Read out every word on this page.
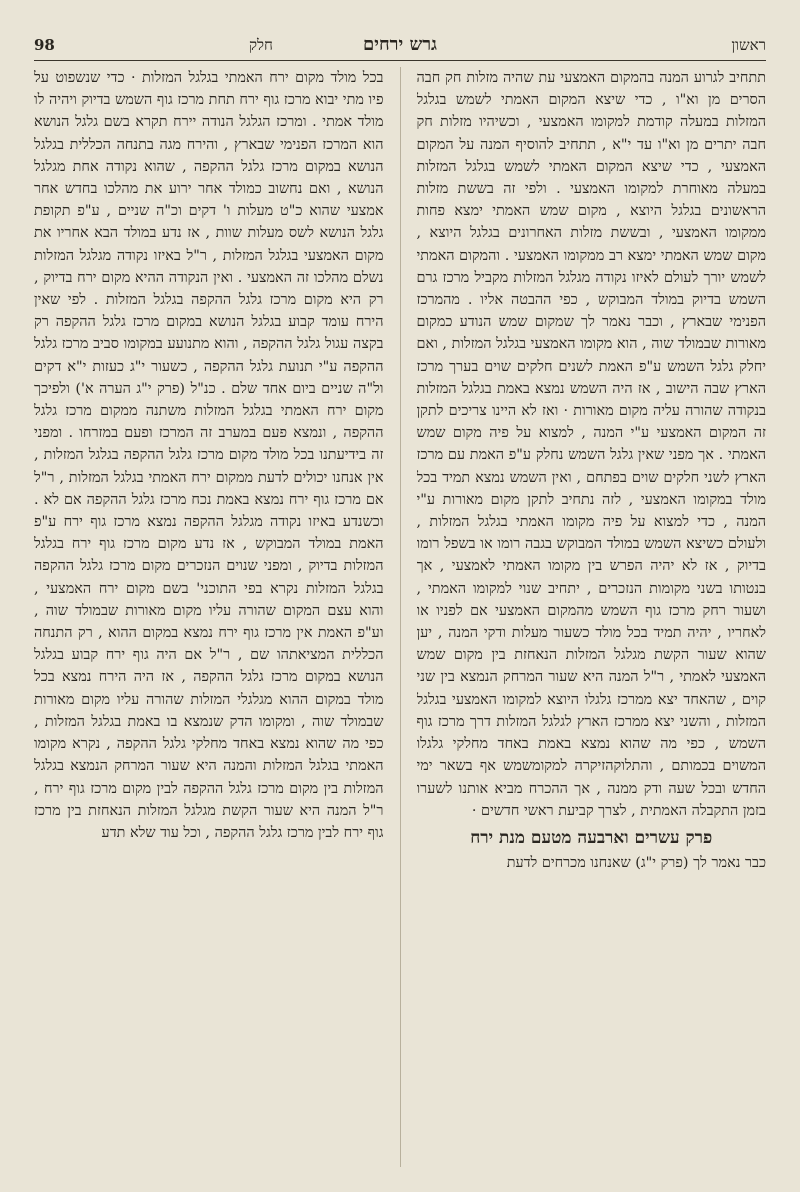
ראשון
גרש ירחים
חלק
98

תתחיב לגרוע המנה בהמקום האמצעי עת שהיה מזלות חק חבה הסרים מן וא"ו , כדי שיצא המקום האמתי לשמש בגלגל המזלות במעלה קודמת למקומו האמצעי , וכשיהיו מזלות חק חבה יתרים מן וא"ו עד י"א , תתחיב להוסיף המנה על המקום האמצעי , כדי שיצא המקום האמתי לשמש בגלגל המזלות במעלה מאוחרת למקומו האמצעי . ולפי זה בששת מזלות הראשונים בגלגל היוצא , מקום שמש האמתי ימצא פחות ממקומו האמצעי , ובששת מזלות האחרונים בגלגל היוצא , מקום שמש האמתי ימצא רב ממקומו האמצעי . והמקום האמתי לשמש יורך לעולם לאיזו נקודה מגלגל המזלות מקביל מרכז גרם השמש בדיוק במולד המבוקש , כפי ההבטה אליו . מהמרכז הפנימי שבארץ , וכבר נאמר לך שמקום שמש הנודע כמקום מאורות שבמולד שוה , הוא מקומו האמצעי בגלגל המזלות , ואם יחלק גלגל השמש ע"פ האמת לשנים חלקים שוים בערך מרכז הארץ שבה הישוב , אז היה השמש נמצא באמת בגלגל המזלות בנקודה שהורה עליה מקום מאורות · ואז לא היינו צריכים לתקן זה המקום האמצעי ע"י המנה , למצוא על פיה מקום שמש האמתי . אך מפני שאין גלגל השמש נחלק ע"פ האמת עם מרכז הארץ לשני חלקים שוים בפתחם , ואין השמש נמצא תמיד בכל מולד במקומו האמצעי , לזה נתחיב לתקן מקום מאורות ע"י המנה , כדי למצוא על פיה מקומו האמתי בגלגל המזלות , ולעולם כשיצא השמש במולד המבוקש בגבה רומו או בשפל רומו בדיוק , אז לא יהיה הפרש בין מקומו האמתי לאמצעי , אך בנטותו בשני מקומות הנזכרים , יתחיב שנוי למקומו האמתי , ושעור רחק מרכז גוף השמש מהמקום האמצעי אם לפניו או לאחריו , יהיה תמיד בכל מולד כשעור מעלות ודקי המנה , יען שהוא שעור הקשת מגלגל המזלות הנאחזת בין מקום שמש האמצעי לאמתי , ר"ל המנה היא שעור המרחק הנמצא בין שני קוים , שהאחד יצא ממרכז גלגלו היוצא למקומו האמצעי בגלגל המזלות , והשני יצא ממרכז הארץ לגלגל המזלות דרך מרכז גוף השמש , כפי מה שהוא נמצא באמת באחד מחלקי גלגלו המשוים בכמותם , והתלוקהזיקרה למקומשמש אף בשאר ימי החדש ובכל שעה ודק ממנה , אך ההכרח מביא אותנו לשערו בזמן התקבלה האמתית , לצרך קביעת ראשי חדשים ·

פרק עשרים וארבעה מטעם מנת ירח

כבר נאמר לך (פרק י"ג) שאנחנו מכרחים לדעת

בכל מולד מקום ירח האמתי בגלגל המזלות · כדי שנשפוט על פיו מתי יבוא מרכז גוף ירח תחת מרכז גוף השמש בדיוק ויהיה לו מולד אמתי . ומרכז הגלגל הנודה יירח תקרא בשם גלגל הנושא הוא המרכז הפנימי שבארץ , והירח מגה בתנחה הכללית בגלגל הנושא במקום מרכז גלגל ההקפה , שהוא נקודה אחת מגלגל הנושא , ואם נחשוב כמולד אחר ירוע את מהלכו בחדש אחר אמצעי שהוא כ"ט מעלות ו' דקים וכ"ה שניים , ע"פ תקופת גלגל הנושא לשס מעלות שוות , אז נדע במולד הבא אחריו את מקום האמצעי בגלגל המזלות , ר"ל באיזו נקודה מגלגל המזלות נשלם מהלכו זה האמצעי . ואין הנקודה ההיא מקום ירח בדיוק , רק היא מקום מרכז גלגל ההקפה בגלגל המזלות . לפי שאין הירח עומד קבוע בגלגל הנושא במקום מרכז גלגל ההקפה רק בקצה עגול גלגל ההקפה , והוא מתנועע במקומו סביב מרכז גלגל ההקפה ע"י תנועת גלגל ההקפה , כשעור י"ג כעזות י"א דקים ול"ה שניים ביום אחד שלם . כנ"ל (פרק י"ג הערה א') ולפיכך מקום ירח האמתי בגלגל המזלות משתנה ממקום מרכז גלגל ההקפה , ונמצא פעם במערב זה המרכז ופעם במזרחו . ומפני זה בידיעתנו בכל מולד מקום מרכז גלגל ההקפה בגלגל המזלות , אין אנחנו יכולים לדעת ממקום ירח האמתי בגלגל המזלות , ר"ל אם מרכז גוף ירח נמצא באמת נכח מרכז גלגל ההקפה אם לא . וכשנדע באיזו נקודה מגלגל ההקפה נמצא מרכז גוף ירח ע"פ האמת במולד המבוקש , אז נדע מקום מרכז גוף ירח בגלגל המזלות בדיוק , ומפני שנוים הנזכרים מקום מרכז גלגל ההקפה בגלגל המזלות נקרא בפי התוכני' בשם מקום ירח האמצעי , והוא עצם המקום שהורה עליו מקום מאורות שבמולד שוה , וע"פ האמת אין מרכז גוף ירח נמצא במקום ההוא , רק התנחה הכללית המציאתהו שם , ר"ל אם היה גוף ירח קבוע בגלגל הנושא במקום מרכז גלגל ההקפה , אז היה הירח נמצא בכל מולד במקום ההוא מגלגלי המזלות שהורה עליו מקום מאורות שבמולד שוה , ומקומו הדק שנמצא בו באמת בגלגל המזלות , כפי מה שהוא נמצא באחד מחלקי גלגל ההקפה , נקרא מקומו האמתי בגלגל המזלות והמנה היא שעור המרחק הנמצא בגלגל המזלות בין מקום מרכז גלגל ההקפה לבין מקום מרכז גוף ירח , ר"ל המנה היא שעור הקשת מגלגל המזלות הנאחזת בין מרכז גוף ירח לבין מרכז גלגל ההקפה , וכל עוד שלא תדע
